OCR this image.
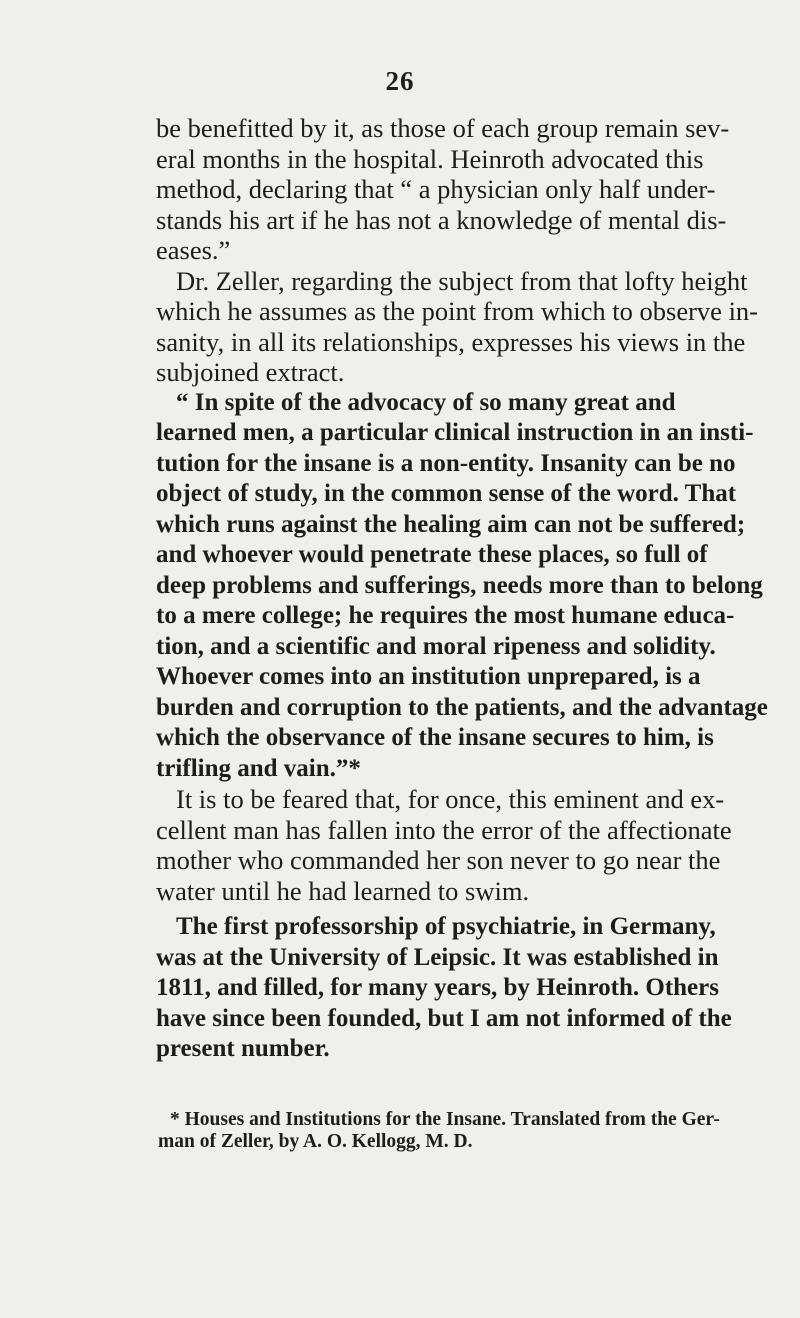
26
be benefitted by it, as those of each group remain sev-
eral months in the hospital. Heinroth advocated this
method, declaring that “ a physician only half under-
stands his art if he has not a knowledge of mental dis-
eases.”
Dr. Zeller, regarding the subject from that lofty height
which he assumes as the point from which to observe in-
sanity, in all its relationships, expresses his views in the
subjoined extract.
“ In spite of the advocacy of so many great and
learned men, a particular clinical instruction in an insti-
tution for the insane is a non-entity. Insanity can be no
object of study, in the common sense of the word. That
which runs against the healing aim can not be suffered;
and whoever would penetrate these places, so full of
deep problems and sufferings, needs more than to belong
to a mere college; he requires the most humane educa-
tion, and a scientific and moral ripeness and solidity.
Whoever comes into an institution unprepared, is a
burden and corruption to the patients, and the advantage
which the observance of the insane secures to him, is
trifling and vain.”*
It is to be feared that, for once, this eminent and ex-
cellent man has fallen into the error of the affectionate
mother who commanded her son never to go near the
water until he had learned to swim.
The first professorship of psychiatrie, in Germany,
was at the University of Leipsic. It was established in
1811, and filled, for many years, by Heinroth. Others
have since been founded, but I am not informed of the
present number.
* Houses and Institutions for the Insane. Translated from the Ger-
man of Zeller, by A. O. Kellogg, M. D.
